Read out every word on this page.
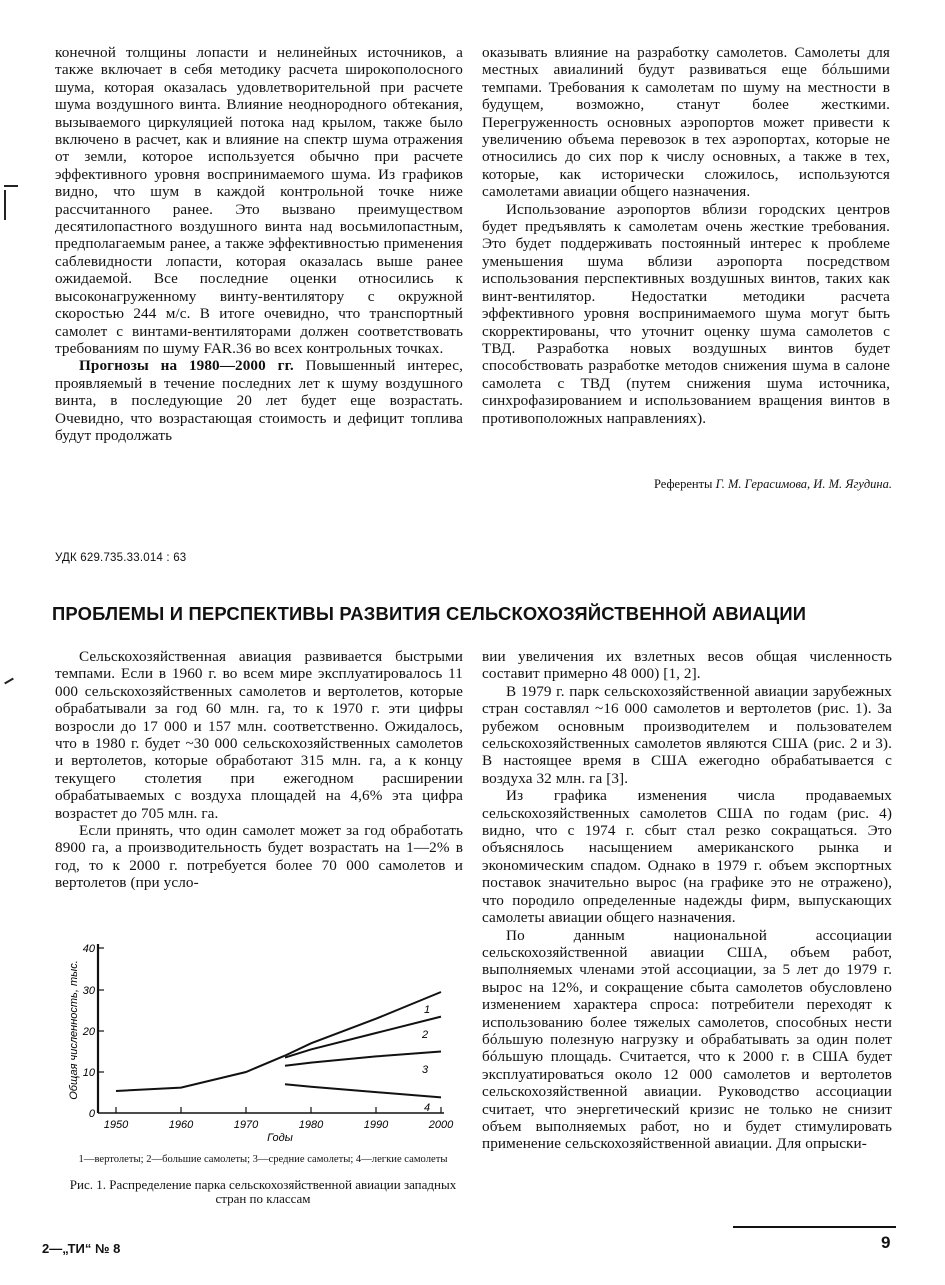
конечной толщины лопасти и нелинейных источников, а также включает в себя методику расчета широкополосного шума, которая оказалась удовлетворительной при расчете шума воздушного винта. Влияние неоднородного обтекания, вызываемого циркуляцией потока над крылом, также было включено в расчет, как и влияние на спектр шума отражения от земли, которое используется обычно при расчете эффективного уровня воспринимаемого шума. Из графиков видно, что шум в каждой контрольной точке ниже рассчитанного ранее. Это вызвано преимуществом десятилопастного воздушного винта над восьмилопастным, предполагаемым ранее, а также эффективностью применения саблевидности лопасти, которая оказалась выше ранее ожидаемой. Все последние оценки относились к высоконагруженному винту-вентилятору с окружной скоростью 244 м/с. В итоге очевидно, что транспортный самолет с винтами-вентиляторами должен соответствовать требованиям по шуму FAR.36 во всех контрольных точках.

Прогнозы на 1980—2000 гг. Повышенный интерес, проявляемый в течение последних лет к шуму воздушного винта, в последующие 20 лет будет еще возрастать. Очевидно, что возрастающая стоимость и дефицит топлива будут продолжать

оказывать влияние на разработку самолетов. Самолеты для местных авиалиний будут развиваться еще бóльшими темпами. Требования к самолетам по шуму на местности в будущем, возможно, станут более жесткими. Перегруженность основных аэропортов может привести к увеличению объема перевозок в тех аэропортах, которые не относились до сих пор к числу основных, а также в тех, которые, как исторически сложилось, используются самолетами авиации общего назначения.

Использование аэропортов вблизи городских центров будет предъявлять к самолетам очень жесткие требования. Это будет поддерживать постоянный интерес к проблеме уменьшения шума вблизи аэропорта посредством использования перспективных воздушных винтов, таких как винт-вентилятор. Недостатки методики расчета эффективного уровня воспринимаемого шума могут быть скорректированы, что уточнит оценку шума самолетов с ТВД. Разработка новых воздушных винтов будет способствовать разработке методов снижения шума в салоне самолета с ТВД (путем снижения шума источника, синхрофазированием и использованием вращения винтов в противоположных направлениях).

Референты Г. М. Герасимова, И. М. Ягудина.
УДК 629.735.33.014 : 63
ПРОБЛЕМЫ И ПЕРСПЕКТИВЫ РАЗВИТИЯ СЕЛЬСКОХОЗЯЙСТВЕННОЙ АВИАЦИИ

Сельскохозяйственная авиация развивается быстрыми темпами. Если в 1960 г. во всем мире эксплуатировалось 11 000 сельскохозяйственных самолетов и вертолетов, которые обрабатывали за год 60 млн. га, то к 1970 г. эти цифры возросли до 17 000 и 157 млн. соответственно. Ожидалось, что в 1980 г. будет ~30 000 сельскохозяйственных самолетов и вертолетов, которые обработают 315 млн. га, а к концу текущего столетия при ежегодном расширении обрабатываемых с воздуха площадей на 4,6% эта цифра возрастет до 705 млн. га.

Если принять, что один самолет может за год обработать 8900 га, а производительность будет возрастать на 1—2% в год, то к 2000 г. потребуется более 70 000 самолетов и вертолетов (при усло-

0
10
20
30
40
1950	1960	1970	1980	1990	2000
Годы
Общая численность, тыс.	1
2
3
4
1—вертолеты; 2—большие самолеты; 3—средние самолеты; 4—легкие самолеты
Рис. 1. Распределение парка сельскохозяйственной авиации западных стран по классам

вии увеличения их взлетных весов общая численность составит примерно 48 000) [1, 2].

В 1979 г. парк сельскохозяйственной авиации зарубежных стран составлял ~16 000 самолетов и вертолетов (рис. 1). За рубежом основным производителем и пользователем сельскохозяйственных самолетов являются США (рис. 2 и 3). В настоящее время в США ежегодно обрабатывается с воздуха 32 млн. га [3].

Из графика изменения числа продаваемых сельскохозяйственных самолетов США по годам (рис. 4) видно, что с 1974 г. сбыт стал резко сокращаться. Это объяснялось насыщением американского рынка и экономическим спадом. Однако в 1979 г. объем экспортных поставок значительно вырос (на графике это не отражено), что породило определенные надежды фирм, выпускающих самолеты авиации общего назначения.

По данным национальной ассоциации сельскохозяйственной авиации США, объем работ, выполняемых членами этой ассоциации, за 5 лет до 1979 г. вырос на 12%, и сокращение сбыта самолетов обусловлено изменением характера спроса: потребители переходят к использованию более тяжелых самолетов, способных нести бóльшую полезную нагрузку и обрабатывать за один полет бóльшую площадь. Считается, что к 2000 г. в США будет эксплуатироваться около 12 000 самолетов и вертолетов сельскохозяйственной авиации. Руководство ассоциации считает, что энергетический кризис не только не снизит объем выполняемых работ, но и будет стимулировать применение сельскохозяйственной авиации. Для опрыски-

2—„ТИ“ № 8	9
